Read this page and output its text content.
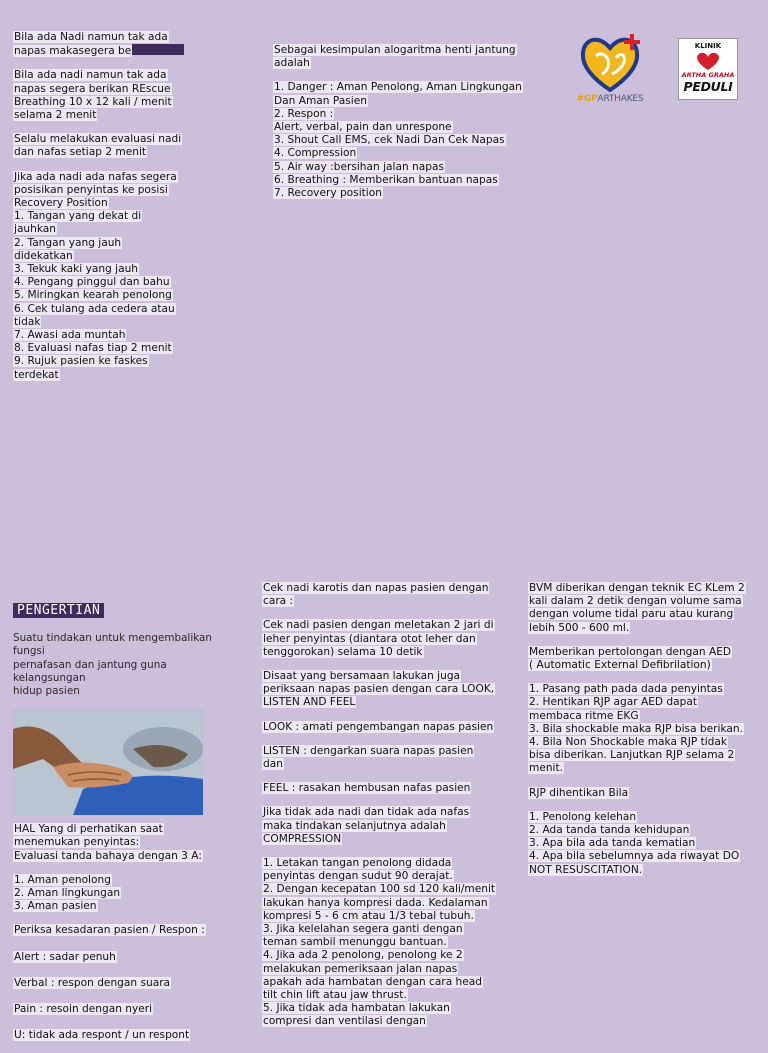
Bila ada Nadi namun tak ada
napas makasegera be

Bila ada nadi namun tak ada
napas segera berikan REscue
Breathing 10 x 12 kali / menit
selama 2 menit

Selalu melakukan evaluasi nadi
dan nafas setiap 2 menit

Jika ada nadi ada nafas segera
posisikan penyintas ke posisi
Recovery Position
1. Tangan yang dekat di
jauhkan
2. Tangan yang jauh
didekatkan
3. Tekuk kaki yang jauh
4. Pengang pinggul dan bahu
5. Miringkan kearah penolong
6. Cek tulang ada cedera atau
tidak
7. Awasi ada muntah
8. Evaluasi nafas tiap 2 menit
9. Rujuk pasien ke faskes
terdekat

Sebagai kesimpulan alogaritma henti jantung
adalah

1. Danger : Aman Penolong, Aman Lingkungan
Dan Aman Pasien
2. Respon :
Alert, verbal, pain dan unrespone
3. Shout Call EMS, cek Nadi Dan Cek Napas
4. Compression
5. Air way :bersihan jalan napas
6. Breathing : Memberikan bantuan napas
7. Recovery position

#GPARTHAKES
KLINIK
ARTHA GRAHA
PEDULI
PENGERTIAN

Suatu tindakan untuk mengembalikan fungsi
pernafasan dan jantung guna kelangsungan
hidup pasien

HAL Yang di perhatikan saat
menemukan penyintas:
Evaluasi tanda bahaya dengan 3 A:

1. Aman penolong
2. Aman lingkungan
3. Aman pasien

Periksa kesadaran pasien / Respon :

Alert : sadar penuh

Verbal : respon dengan suara

Pain : resoin dengan nyeri

U: tidak ada respont / un respont

Cek nadi karotis dan napas pasien dengan
cara :

Cek nadi pasien dengan meletakan 2 jari di
leher penyintas (diantara otot leher dan
tenggorokan) selama 10 detik

Disaat yang bersamaan lakukan juga
periksaan napas pasien dengan cara LOOK,
LISTEN AND FEEL

LOOK : amati pengembangan napas pasien

LISTEN : dengarkan suara napas pasien
dan

FEEL : rasakan hembusan nafas pasien

Jika tidak ada nadi dan tidak ada nafas
maka tindakan selanjutnya adalah
COMPRESSION

1. Letakan tangan penolong didada
penyintas dengan sudut 90 derajat.
2. Dengan kecepatan 100 sd 120 kali/menit
lakukan hanya kompresi dada. Kedalaman
kompresi 5 - 6 cm atau 1/3 tebal tubuh.
3. Jika kelelahan segera ganti dengan
teman sambil menunggu bantuan.
4. Jika ada 2 penolong, penolong ke 2
melakukan pemeriksaan jalan napas
apakah ada hambatan dengan cara head
tilt chin lift atau jaw thrust.
5. Jika tidak ada hambatan lakukan
compresi dan ventilasi dengan

BVM diberikan dengan teknik EC KLem 2
kali dalam 2 detik dengan volume sama
dengan volume tidal paru atau kurang
lebih 500 - 600 ml.

Memberikan pertolongan dengan AED
( Automatic External Defibrilation)

1. Pasang path pada dada penyintas
2. Hentikan RJP agar AED dapat
membaca ritme EKG
3. Bila shockable maka RJP bisa berikan.
4. Bila Non Shockable maka RJP tidak
bisa diberikan. Lanjutkan RJP selama 2
menit.

RJP dihentikan Bila

1. Penolong kelehan
2. Ada tanda tanda kehidupan
3. Apa bila ada tanda kematian
4. Apa bila sebelumnya ada riwayat DO
NOT RESUSCITATION.
